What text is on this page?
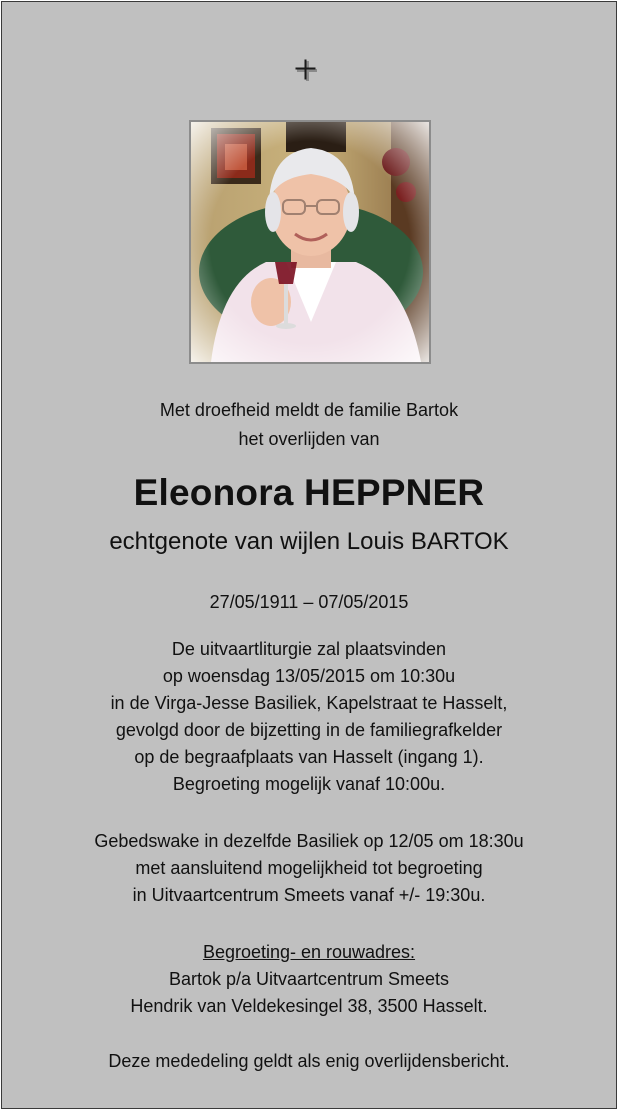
Met droefheid meldt de familie Bartok
het overlijden van
Eleonora HEPPNER
echtgenote van wijlen Louis BARTOK
27/05/1911 – 07/05/2015
De uitvaartliturgie zal plaatsvinden
op woensdag 13/05/2015 om 10:30u
in de Virga-Jesse Basiliek, Kapelstraat te Hasselt,
gevolgd door de bijzetting in de familiegrafkelder
op de begraafplaats van Hasselt (ingang 1).
Begroeting mogelijk vanaf 10:00u.
Gebedswake in dezelfde Basiliek op 12/05 om 18:30u
met aansluitend mogelijkheid tot begroeting
in Uitvaartcentrum Smeets vanaf +/- 19:30u.
Begroeting- en rouwadres:
Bartok p/a Uitvaartcentrum Smeets
Hendrik van Veldekesingel 38, 3500 Hasselt.
Deze mededeling geldt als enig overlijdensbericht.
